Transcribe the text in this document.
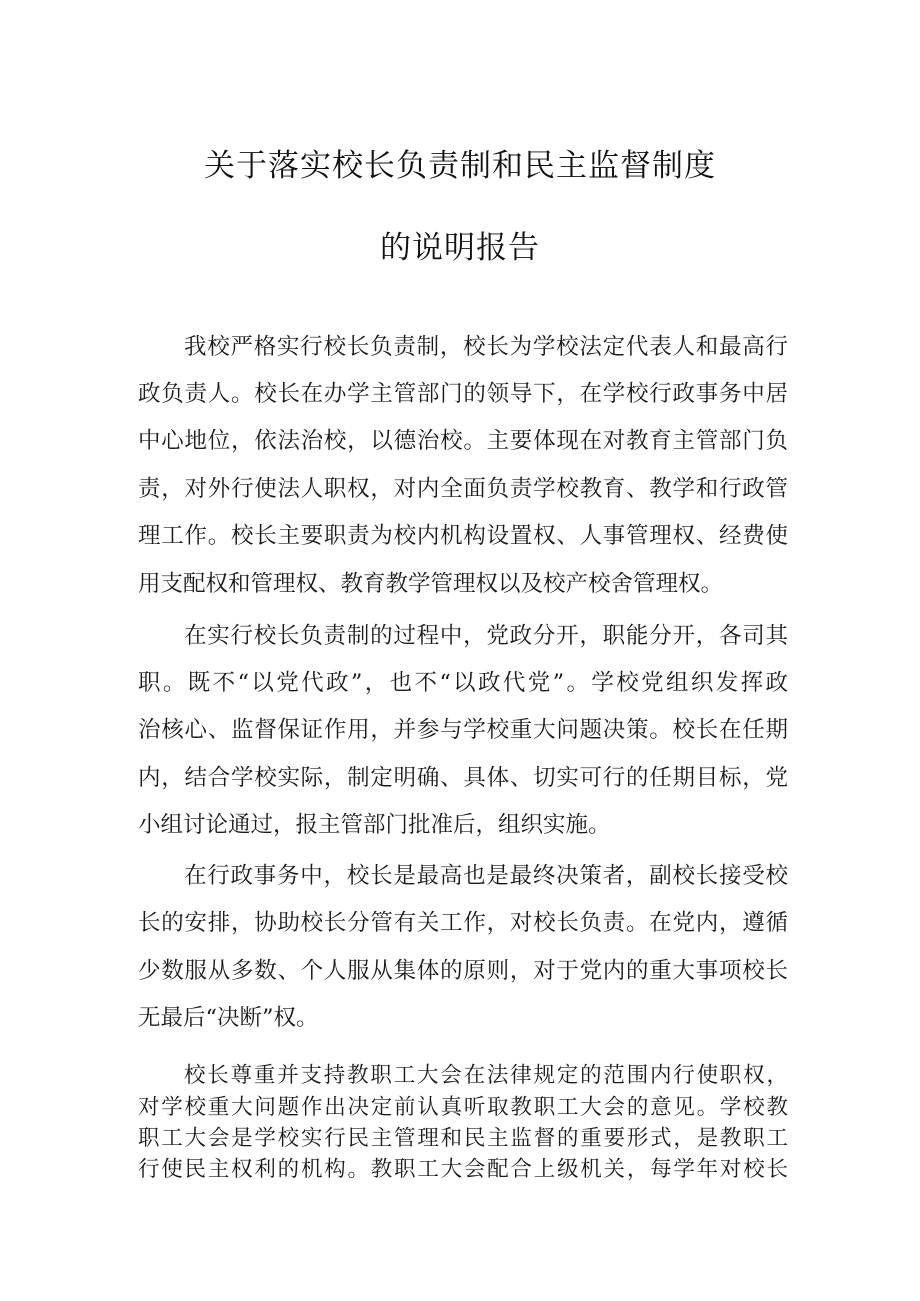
关于落实校长负责制和民主监督制度
的说明报告
我校严格实行校长负责制，校长为学校法定代表人和最高行
政负责人。校长在办学主管部门的领导下，在学校行政事务中居
中心地位，依法治校，以德治校。主要体现在对教育主管部门负
责，对外行使法人职权，对内全面负责学校教育、教学和行政管
理工作。校长主要职责为校内机构设置权、人事管理权、经费使
用支配权和管理权、教育教学管理权以及校产校舍管理权。
在实行校长负责制的过程中，党政分开，职能分开，各司其
职。既不“以党代政”，也不“以政代党”。学校党组织发挥政
治核心、监督保证作用，并参与学校重大问题决策。校长在任期
内，结合学校实际，制定明确、具体、切实可行的任期目标，党
小组讨论通过，报主管部门批准后，组织实施。
在行政事务中，校长是最高也是最终决策者，副校长接受校
长的安排，协助校长分管有关工作，对校长负责。在党内，遵循
少数服从多数、个人服从集体的原则，对于党内的重大事项校长
无最后“决断”权。
校长尊重并支持教职工大会在法律规定的范围内行使职权，
对学校重大问题作出决定前认真听取教职工大会的意见。学校教
职工大会是学校实行民主管理和民主监督的重要形式，是教职工
行使民主权利的机构。教职工大会配合上级机关，每学年对校长
